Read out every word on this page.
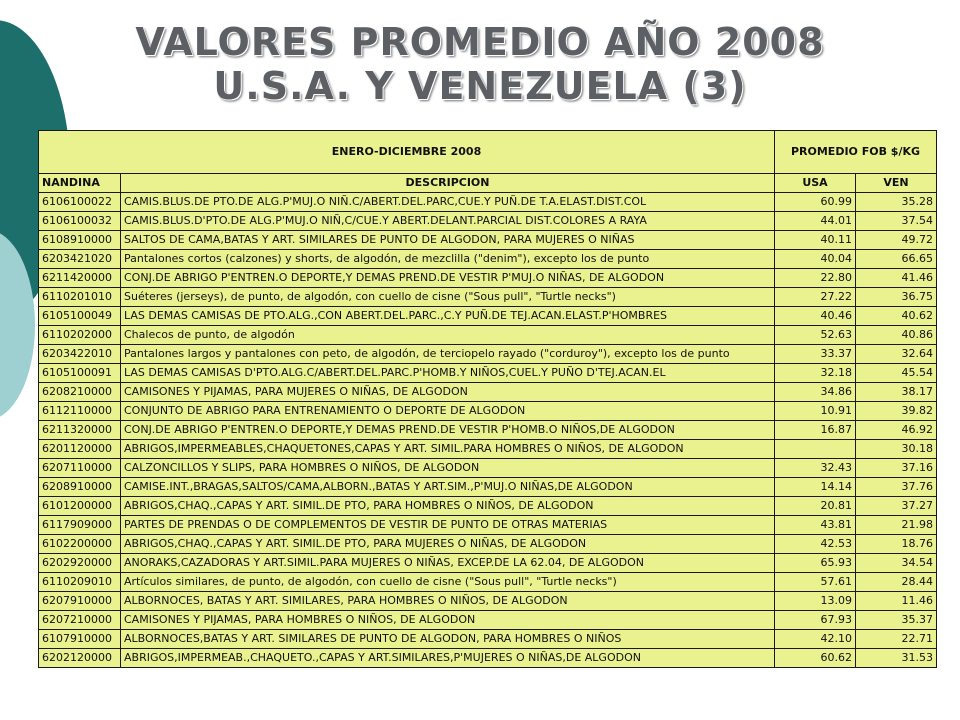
VALORES PROMEDIO AÑO 2008
U.S.A. Y VENEZUELA (3)
ENERO-DICIEMBRE 2008		PROMEDIO FOB $/KG	
NANDINA	DESCRIPCION	USA	VEN
6106100022	CAMIS.BLUS.DE PTO.DE ALG.P'MUJ.O NIÑ.C/ABERT.DEL.PARC,CUE.Y PUÑ.DE T.A.ELAST.DIST.COL	60.99	35.28
6106100032	CAMIS.BLUS.D'PTO.DE ALG.P'MUJ.O NIÑ,C/CUE.Y ABERT.DELANT.PARCIAL DIST.COLORES A RAYA	44.01	37.54
6108910000	SALTOS DE CAMA,BATAS Y ART. SIMILARES DE PUNTO DE ALGODON, PARA MUJERES O NIÑAS	40.11	49.72
6203421020	Pantalones cortos (calzones) y shorts, de algodón, de mezclilla ("denim"), excepto los de punto	40.04	66.65
6211420000	CONJ.DE ABRIGO P'ENTREN.O DEPORTE,Y DEMAS PREND.DE VESTIR P'MUJ.O NIÑAS, DE ALGODON	22.80	41.46
6110201010	Suéteres (jerseys), de punto, de algodón, con cuello de cisne ("Sous pull", "Turtle necks")	27.22	36.75
6105100049	LAS DEMAS CAMISAS DE PTO.ALG.,CON ABERT.DEL.PARC.,C.Y PUÑ.DE TEJ.ACAN.ELAST.P'HOMBRES	40.46	40.62
6110202000	Chalecos de punto, de algodón	52.63	40.86
6203422010	Pantalones largos y pantalones con peto, de algodón, de terciopelo rayado ("corduroy"), excepto los de punto	33.37	32.64
6105100091	LAS DEMAS CAMISAS D'PTO.ALG.C/ABERT.DEL.PARC.P'HOMB.Y NIÑOS,CUEL.Y PUÑO D'TEJ.ACAN.EL	32.18	45.54
6208210000	CAMISONES Y PIJAMAS, PARA MUJERES O NIÑAS, DE ALGODON	34.86	38.17
6112110000	CONJUNTO DE ABRIGO PARA ENTRENAMIENTO O DEPORTE DE ALGODON	10.91	39.82
6211320000	CONJ.DE ABRIGO P'ENTREN.O DEPORTE,Y DEMAS PREND.DE VESTIR P'HOMB.O NIÑOS,DE ALGODON	16.87	46.92
6201120000	ABRIGOS,IMPERMEABLES,CHAQUETONES,CAPAS Y ART. SIMIL.PARA HOMBRES O NIÑOS, DE ALGODON		30.18
6207110000	CALZONCILLOS Y SLIPS, PARA HOMBRES O NIÑOS, DE ALGODON	32.43	37.16
6208910000	CAMISE.INT.,BRAGAS,SALTOS/CAMA,ALBORN.,BATAS Y ART.SIM.,P'MUJ.O NIÑAS,DE ALGODON	14.14	37.76
6101200000	ABRIGOS,CHAQ.,CAPAS Y ART. SIMIL.DE PTO, PARA HOMBRES O NIÑOS, DE ALGODON	20.81	37.27
6117909000	PARTES DE PRENDAS O DE COMPLEMENTOS DE VESTIR DE PUNTO DE OTRAS MATERIAS	43.81	21.98
6102200000	ABRIGOS,CHAQ.,CAPAS Y ART. SIMIL.DE PTO, PARA MUJERES O NIÑAS, DE ALGODON	42.53	18.76
6202920000	ANORAKS,CAZADORAS Y ART.SIMIL.PARA MUJERES O NIÑAS, EXCEP.DE LA 62.04, DE ALGODON	65.93	34.54
6110209010	Artículos similares, de punto, de algodón, con cuello de cisne ("Sous pull", "Turtle necks")	57.61	28.44
6207910000	ALBORNOCES, BATAS Y ART. SIMILARES, PARA HOMBRES O NIÑOS, DE ALGODON	13.09	11.46
6207210000	CAMISONES Y PIJAMAS, PARA HOMBRES O NIÑOS, DE ALGODON	67.93	35.37
6107910000	ALBORNOCES,BATAS Y ART. SIMILARES DE PUNTO DE ALGODON, PARA HOMBRES O NIÑOS	42.10	22.71
6202120000	ABRIGOS,IMPERMEAB.,CHAQUETO.,CAPAS Y ART.SIMILARES,P'MUJERES O NIÑAS,DE ALGODON	60.62	31.53
